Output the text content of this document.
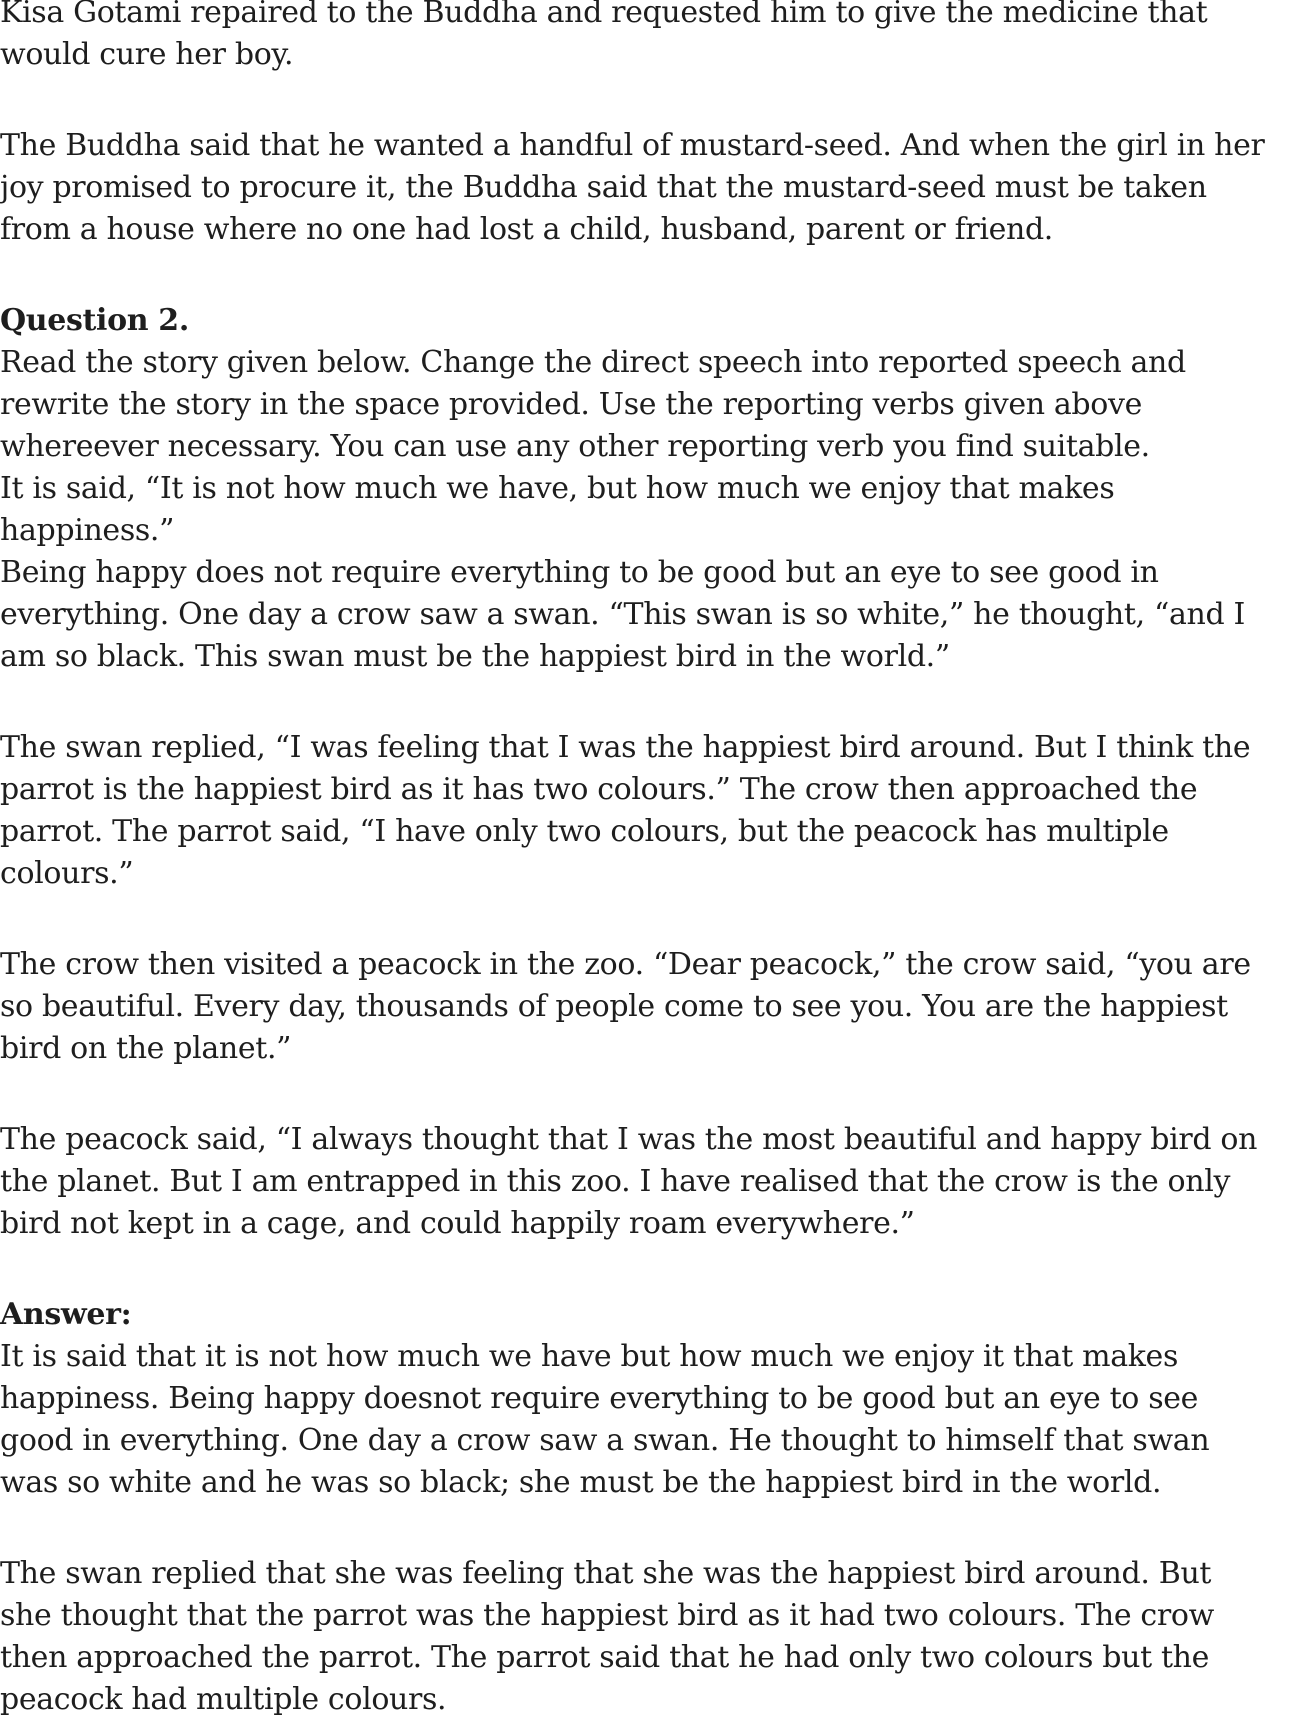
Kisa Gotami repaired to the Buddha and requested him to give the medicine that
would cure her boy.
The Buddha said that he wanted a handful of mustard-seed. And when the girl in her
joy promised to procure it, the Buddha said that the mustard-seed must be taken
from a house where no one had lost a child, husband, parent or friend.
Question 2.
Read the story given below. Change the direct speech into reported speech and
rewrite the story in the space provided. Use the reporting verbs given above
whereever necessary. You can use any other reporting verb you find suitable.
It is said, “It is not how much we have, but how much we enjoy that makes
happiness.”
Being happy does not require everything to be good but an eye to see good in
everything. One day a crow saw a swan. “This swan is so white,” he thought, “and I
am so black. This swan must be the happiest bird in the world.”
The swan replied, “I was feeling that I was the happiest bird around. But I think the
parrot is the happiest bird as it has two colours.” The crow then approached the
parrot. The parrot said, “I have only two colours, but the peacock has multiple
colours.”
The crow then visited a peacock in the zoo. “Dear peacock,” the crow said, “you are
so beautiful. Every day, thousands of people come to see you. You are the happiest
bird on the planet.”
The peacock said, “I always thought that I was the most beautiful and happy bird on
the planet. But I am entrapped in this zoo. I have realised that the crow is the only
bird not kept in a cage, and could happily roam everywhere.”
Answer:
It is said that it is not how much we have but how much we enjoy it that makes
happiness. Being happy doesnot require everything to be good but an eye to see
good in everything. One day a crow saw a swan. He thought to himself that swan
was so white and he was so black; she must be the happiest bird in the world.
The swan replied that she was feeling that she was the happiest bird around. But
she thought that the parrot was the happiest bird as it had two colours. The crow
then approached the parrot. The parrot said that he had only two colours but the
peacock had multiple colours.
